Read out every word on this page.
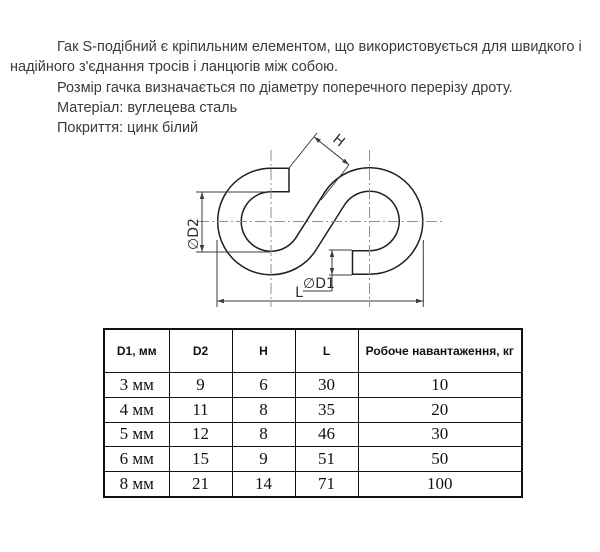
Гак S-подібний є кріпильним елементом, що використовується для швидкого і
надійного з'єднання тросів і ланцюгів між собою.
Розмір гачка визначається по діаметру поперечного перерізу дроту.
Матеріал: вуглецева сталь
Покриття: цинк білий
∅D2
∅D1
L
H
D1, мм	D2	H	L	Робоче навантаження, кг
3 мм	9	6	30	10
4 мм	11	8	35	20
5 мм	12	8	46	30
6 мм	15	9	51	50
8 мм	21	14	71	100
